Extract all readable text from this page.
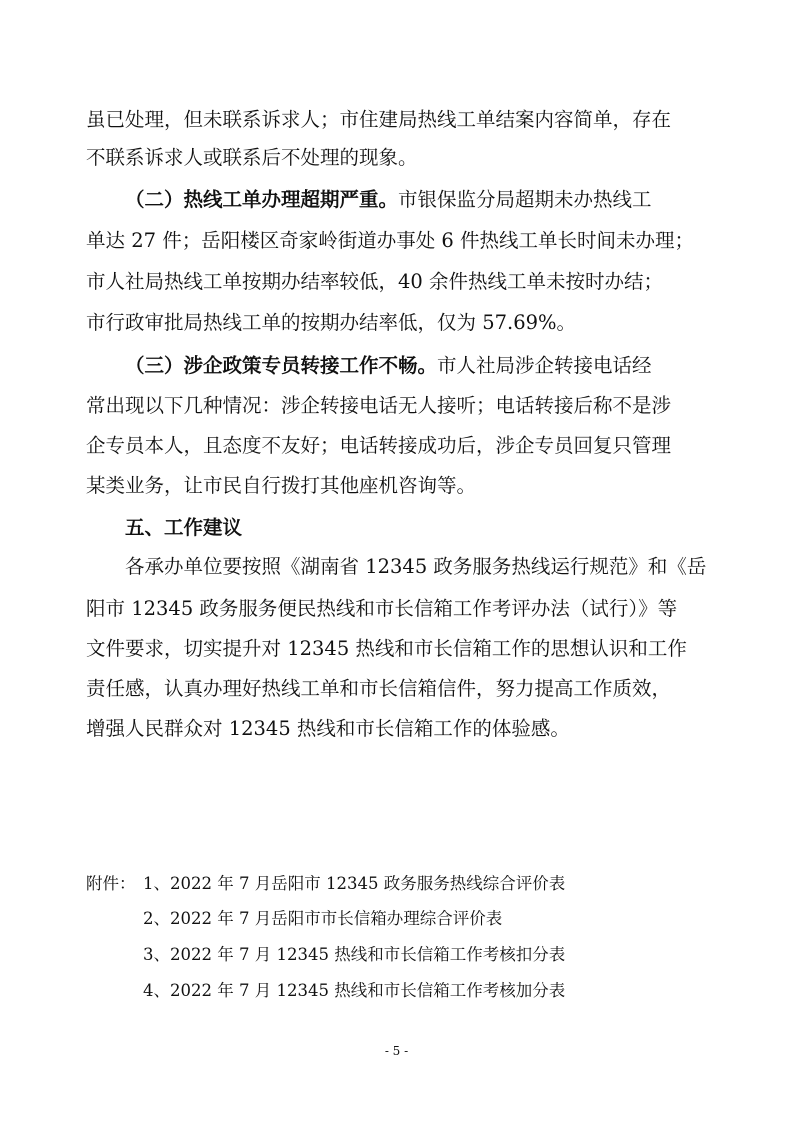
虽已处理，但未联系诉求人；市住建局热线工单结案内容简单，存在
不联系诉求人或联系后不处理的现象。
（二）热线工单办理超期严重。市银保监分局超期未办热线工
单达 27 件；岳阳楼区奇家岭街道办事处 6 件热线工单长时间未办理；
市人社局热线工单按期办结率较低，40 余件热线工单未按时办结；
市行政审批局热线工单的按期办结率低，仅为 57.69%。
（三）涉企政策专员转接工作不畅。市人社局涉企转接电话经
常出现以下几种情况：涉企转接电话无人接听；电话转接后称不是涉
企专员本人，且态度不友好；电话转接成功后，涉企专员回复只管理
某类业务，让市民自行拨打其他座机咨询等。
五、工作建议
各承办单位要按照《湖南省 12345 政务服务热线运行规范》和《岳
阳市 12345 政务服务便民热线和市长信箱工作考评办法（试行）》等
文件要求，切实提升对 12345 热线和市长信箱工作的思想认识和工作
责任感，认真办理好热线工单和市长信箱信件，努力提高工作质效，
增强人民群众对 12345 热线和市长信箱工作的体验感。
附件： 1、2022 年 7 月岳阳市 12345 政务服务热线综合评价表
2、2022 年 7 月岳阳市市长信箱办理综合评价表
3、2022 年 7 月 12345 热线和市长信箱工作考核扣分表
4、2022 年 7 月 12345 热线和市长信箱工作考核加分表
- 5 -
